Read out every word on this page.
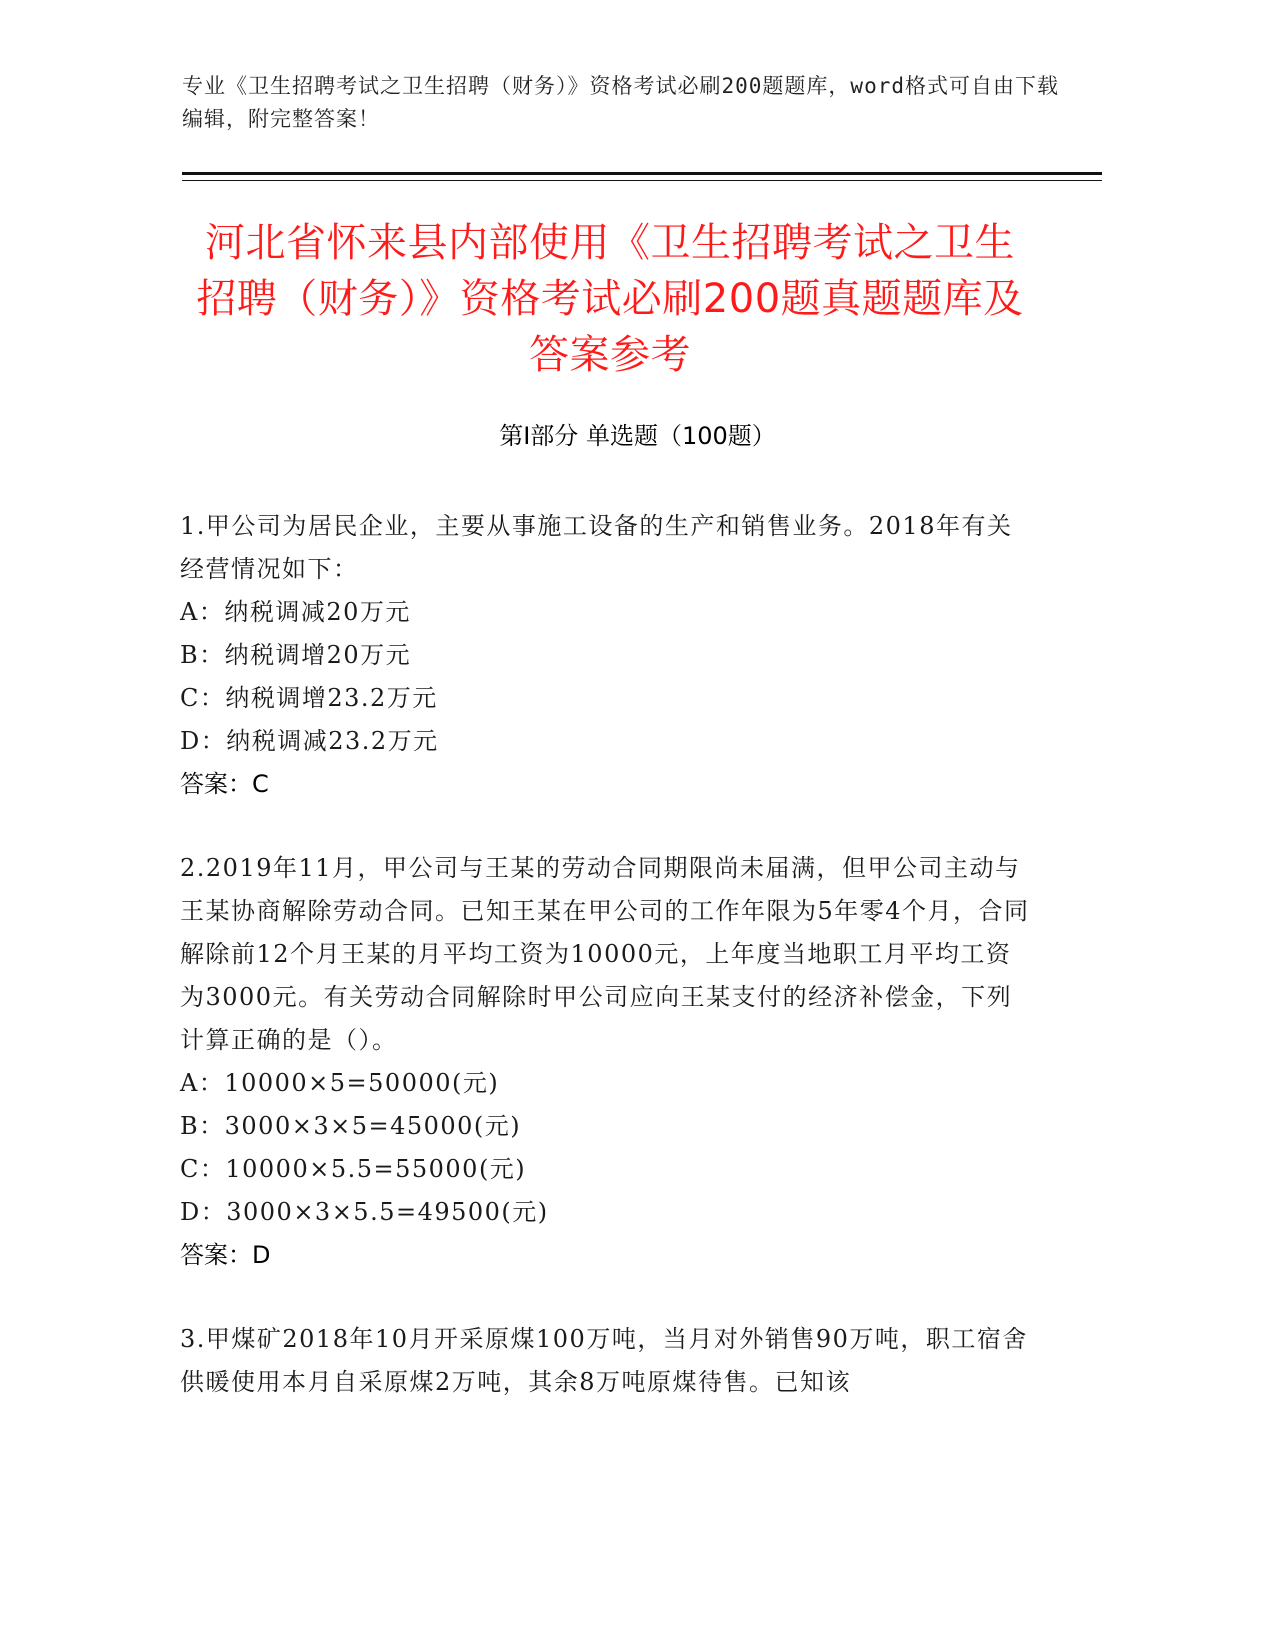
专业《卫生招聘考试之卫生招聘（财务）》资格考试必刷200题题库，word格式可自由下载编辑，附完整答案！
河北省怀来县内部使用《卫生招聘考试之卫生招聘（财务）》资格考试必刷200题真题题库及答案参考
第I部分 单选题（100题）
1.甲公司为居民企业，主要从事施工设备的生产和销售业务。2018年有关经营情况如下：
A：纳税调减20万元
B：纳税调增20万元
C：纳税调增23.2万元
D：纳税调减23.2万元
答案：C
2.2019年11月，甲公司与王某的劳动合同期限尚未届满，但甲公司主动与王某协商解除劳动合同。已知王某在甲公司的工作年限为5年零4个月，合同解除前12个月王某的月平均工资为10000元，上年度当地职工月平均工资为3000元。有关劳动合同解除时甲公司应向王某支付的经济补偿金，下列计算正确的是（）。
A：10000×5=50000(元)
B：3000×3×5=45000(元)
C：10000×5.5=55000(元)
D：3000×3×5.5=49500(元)
答案：D
3.甲煤矿2018年10月开采原煤100万吨，当月对外销售90万吨，职工宿舍供暖使用本月自采原煤2万吨，其余8万吨原煤待售。已知该
